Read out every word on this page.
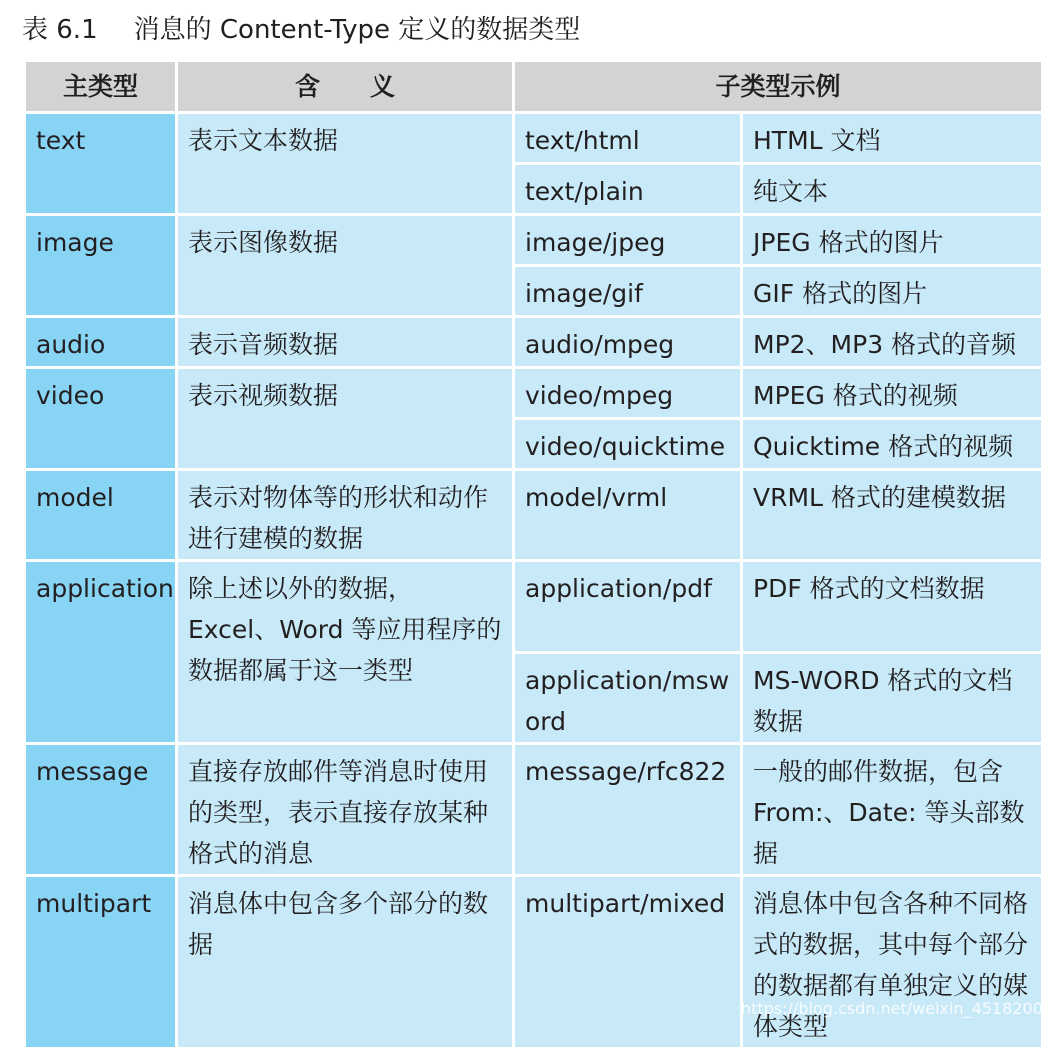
表 6.1 消息的 Content-Type 定义的数据类型
主类型	含　　义	子类型示例	
text	表示文本数据	text/html	HTML 文档
		text/plain	纯文本
image	表示图像数据	image/jpeg	JPEG 格式的图片
		image/gif	GIF 格式的图片
audio	表示音频数据	audio/mpeg	MP2、MP3 格式的音频
video	表示视频数据	video/mpeg	MPEG 格式的视频
		video/quicktime	Quicktime 格式的视频
model	表示对物体等的形状和动作进行建模的数据	model/vrml	VRML 格式的建模数据
application	除上述以外的数据，Excel、Word 等应用程序的数据都属于这一类型	application/pdf	PDF 格式的文档数据
		application/msword	MS-WORD 格式的文档数据
message	直接存放邮件等消息时使用的类型，表示直接存放某种格式的消息	message/rfc822	一般的邮件数据，包含 From:、Date: 等头部数据
multipart	消息体中包含多个部分的数据	multipart/mixed	消息体中包含各种不同格式的数据，其中每个部分的数据都有单独定义的媒体类型
https://blog.csdn.net/weixin_45182000
